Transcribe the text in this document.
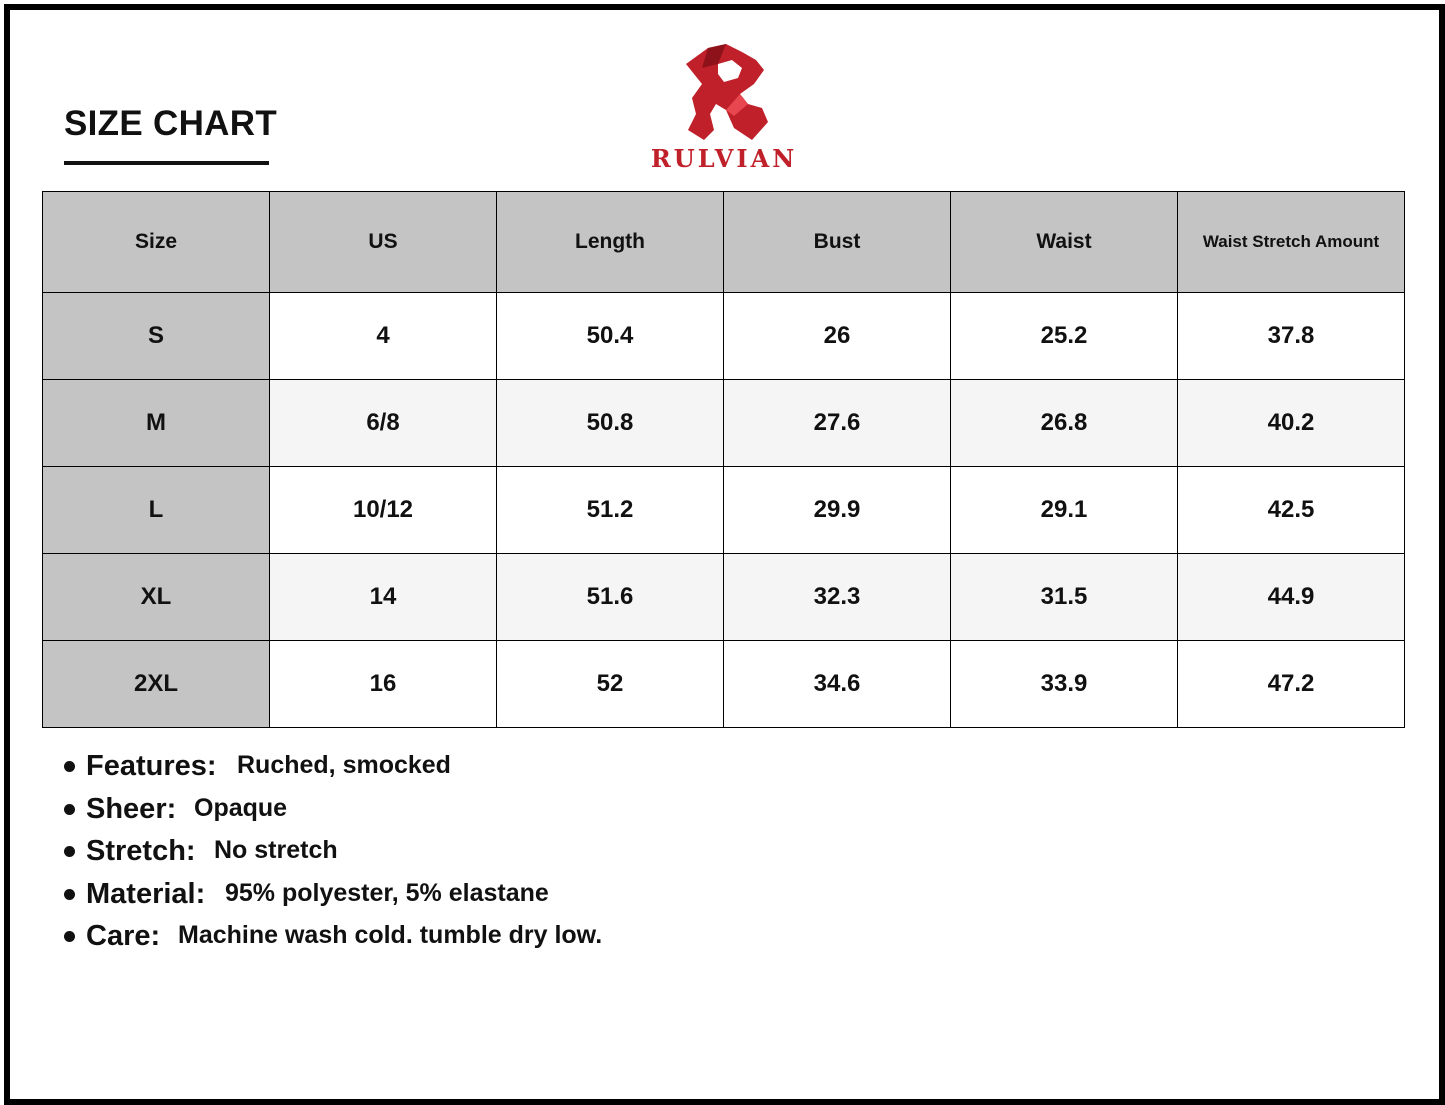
SIZE CHART
RULVIAN
Size	US	Length	Bust	Waist	Waist Stretch Amount
S	4	50.4	26	25.2	37.8
M	6/8	50.8	27.6	26.8	40.2
L	10/12	51.2	29.9	29.1	42.5
XL	14	51.6	32.3	31.5	44.9
2XL	16	52	34.6	33.9	47.2
Features: Ruched, smocked
Sheer: Opaque
Stretch: No stretch
Material: 95% polyester, 5% elastane
Care: Machine wash cold. tumble dry low.
